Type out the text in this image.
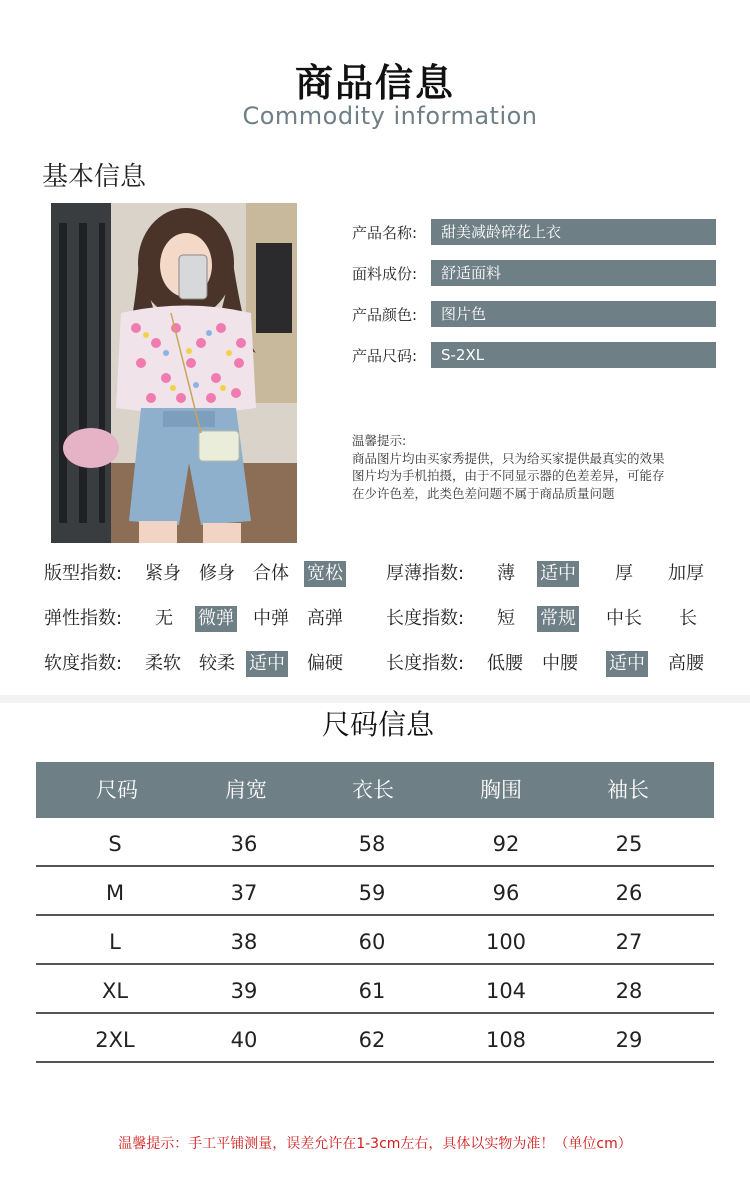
商品信息
Commodity information
基本信息
产品名称:	甜美减龄碎花上衣
面料成份:	舒适面料
产品颜色:	图片色
产品尺码:	S-2XL
温馨提示:
商品图片均由买家秀提供，只为给买家提供最真实的效果
图片均为手机拍摄，由于不同显示器的色差差异，可能存
在少许色差，此类色差问题不属于商品质量问题
版型指数: 紧身 修身 合体 宽松 厚薄指数: 薄 适中 厚 加厚
弹性指数: 无 微弹 中弹 高弹 长度指数: 短 常规 中长 长
软度指数: 柔软 较柔 适中 偏硬 长度指数: 低腰 中腰 适中 高腰
尺码信息
尺码	肩宽	衣长	胸围	袖长
S	36	58	92	25
M	37	59	96	26
L	38	60	100	27
XL	39	61	104	28
2XL	40	62	108	29
温馨提示：手工平铺测量，误差允许在1-3cm左右，具体以实物为准！（单位cm）
